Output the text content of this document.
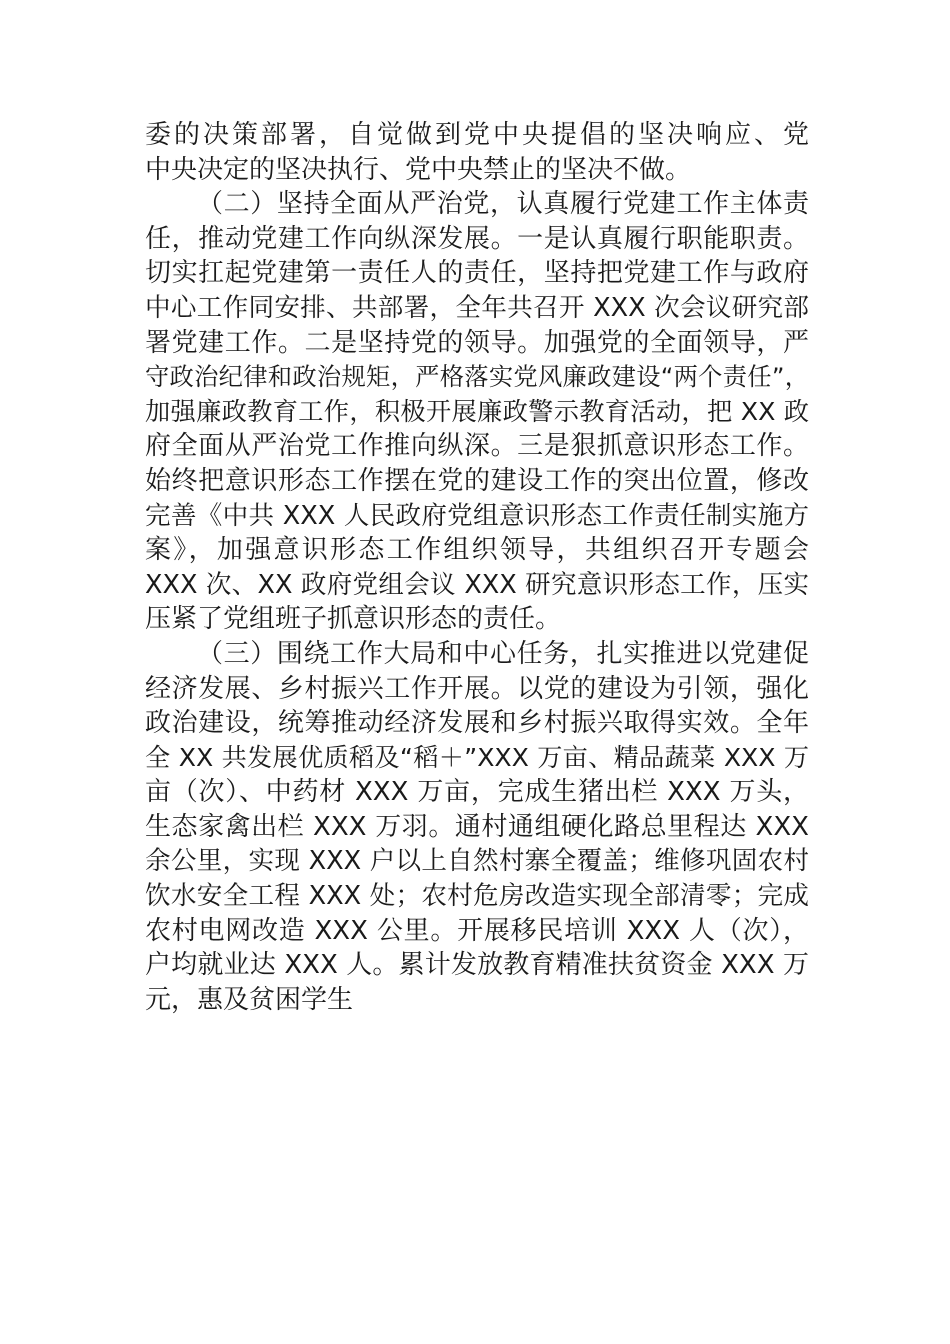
委的决策部署，自觉做到党中央提倡的坚决响应、党
中央决定的坚决执行、党中央禁止的坚决不做。
（二）坚持全面从严治党，认真履行党建工作主体责
任，推动党建工作向纵深发展。一是认真履行职能职责。
切实扛起党建第一责任人的责任，坚持把党建工作与政府
中心工作同安排、共部署，全年共召开 XXX 次会议研究部
署党建工作。二是坚持党的领导。加强党的全面领导，严
守政治纪律和政治规矩，严格落实党风廉政建设“两个责任”，
加强廉政教育工作，积极开展廉政警示教育活动，把 XX 政
府全面从严治党工作推向纵深。三是狠抓意识形态工作。
始终把意识形态工作摆在党的建设工作的突出位置，修改
完善《中共 XXX 人民政府党组意识形态工作责任制实施方
案》，加强意识形态工作组织领导，共组织召开专题会
XXX 次、XX 政府党组会议 XXX 研究意识形态工作，压实
压紧了党组班子抓意识形态的责任。
（三）围绕工作大局和中心任务，扎实推进以党建促
经济发展、乡村振兴工作开展。以党的建设为引领，强化
政治建设，统筹推动经济发展和乡村振兴取得实效。全年
全 XX 共发展优质稻及“稻＋”XXX 万亩、精品蔬菜 XXX 万
亩（次）、中药材 XXX 万亩，完成生猪出栏 XXX 万头，
生态家禽出栏 XXX 万羽。通村通组硬化路总里程达 XXX
余公里，实现 XXX 户以上自然村寨全覆盖；维修巩固农村
饮水安全工程 XXX 处；农村危房改造实现全部清零；完成
农村电网改造 XXX 公里。开展移民培训 XXX 人（次），
户均就业达 XXX 人。累计发放教育精准扶贫资金 XXX 万
元，惠及贫困学生
